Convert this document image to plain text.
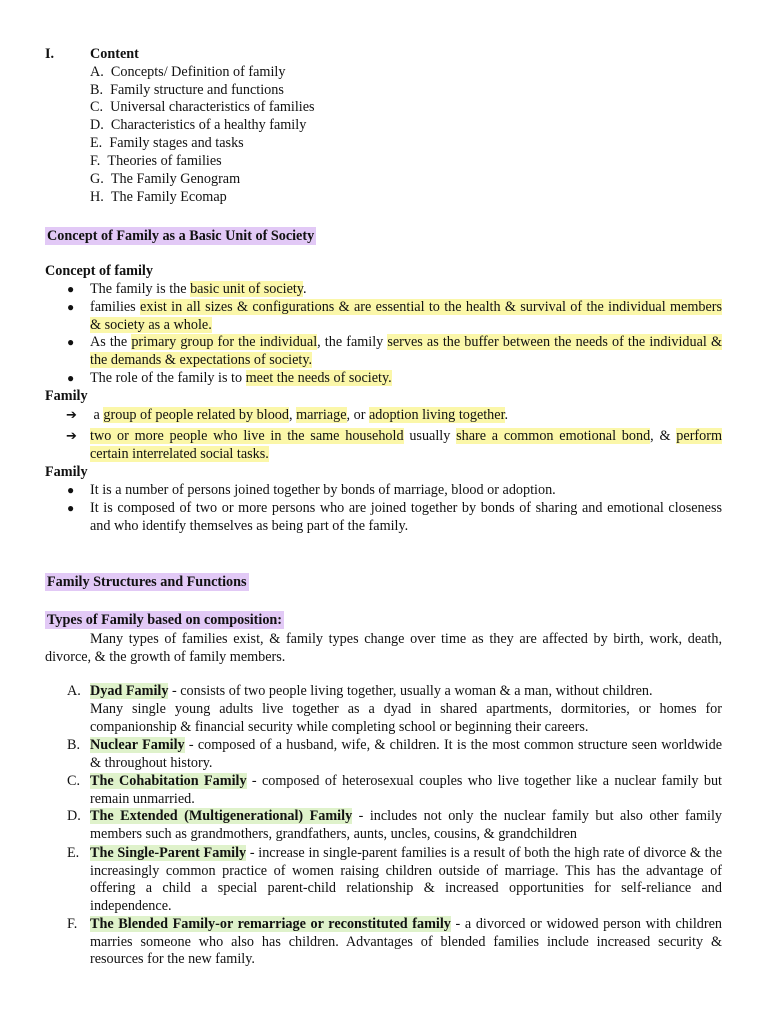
I.	Content
A. Concepts/ Definition of family
B. Family structure and functions
C. Universal characteristics of families
D. Characteristics of a healthy family
E. Family stages and tasks
F. Theories of families
G. The Family Genogram
H. The Family Ecomap
Concept of Family as a Basic Unit of Society
Concept of family
● The family is the basic unit of society.
● families exist in all sizes & configurations & are essential to the health & survival of the individual members & society as a whole.
● As the primary group for the individual, the family serves as the buffer between the needs of the individual & the demands & expectations of society.
● The role of the family is to meet the needs of society.
Family
➔ a group of people related by blood, marriage, or adoption living together.
➔ two or more people who live in the same household usually share a common emotional bond, & perform certain interrelated social tasks.
Family
● It is a number of persons joined together by bonds of marriage, blood or adoption.
● It is composed of two or more persons who are joined together by bonds of sharing and emotional closeness and who identify themselves as being part of the family.
Family Structures and Functions
Types of Family based on composition:
Many types of families exist, & family types change over time as they are affected by birth, work, death, divorce, & the growth of family members.
A. Dyad Family - consists of two people living together, usually a woman & a man, without children.
Many single young adults live together as a dyad in shared apartments, dormitories, or homes for companionship & financial security while completing school or beginning their careers.
B. Nuclear Family - composed of a husband, wife, & children. It is the most common structure seen worldwide & throughout history.
C. The Cohabitation Family - composed of heterosexual couples who live together like a nuclear family but remain unmarried.
D. The Extended (Multigenerational) Family - includes not only the nuclear family but also other family members such as grandmothers, grandfathers, aunts, uncles, cousins, & grandchildren
E. The Single-Parent Family - increase in single-parent families is a result of both the high rate of divorce & the increasingly common practice of women raising children outside of marriage. This has the advantage of offering a child a special parent-child relationship & increased opportunities for self-reliance and independence.
F. The Blended Family-or remarriage or reconstituted family - a divorced or widowed person with children marries someone who also has children. Advantages of blended families include increased security & resources for the new family.
